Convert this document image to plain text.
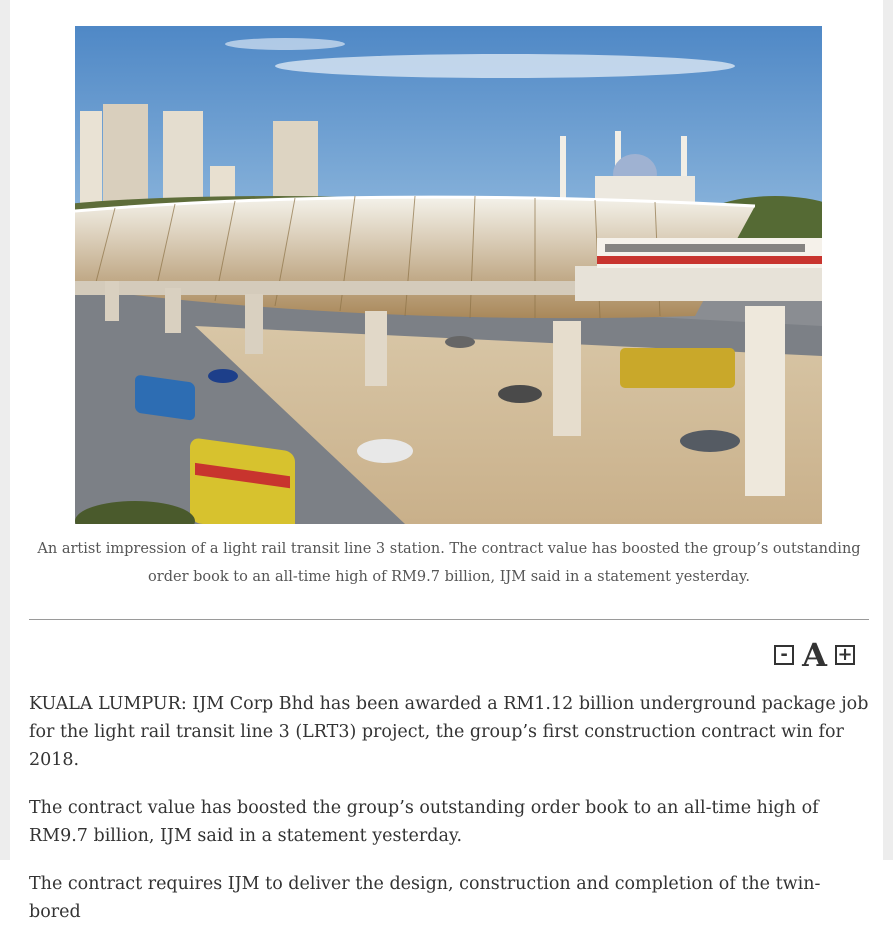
An artist impression of a light rail transit line 3 station. The contract value has boosted the group’s outstanding order book to an all-time high of RM9.7 billion, IJM said in a statement yesterday.
- A +

KUALA LUMPUR: IJM Corp Bhd has been awarded a RM1.12 billion underground package job for the light rail transit line 3 (LRT3) project, the group’s first construction contract win for 2018.

The contract value has boosted the group’s outstanding order book to an all-time high of RM9.7 billion, IJM said in a statement yesterday.

The contract requires IJM to deliver the design, construction and completion of the twin-bored
